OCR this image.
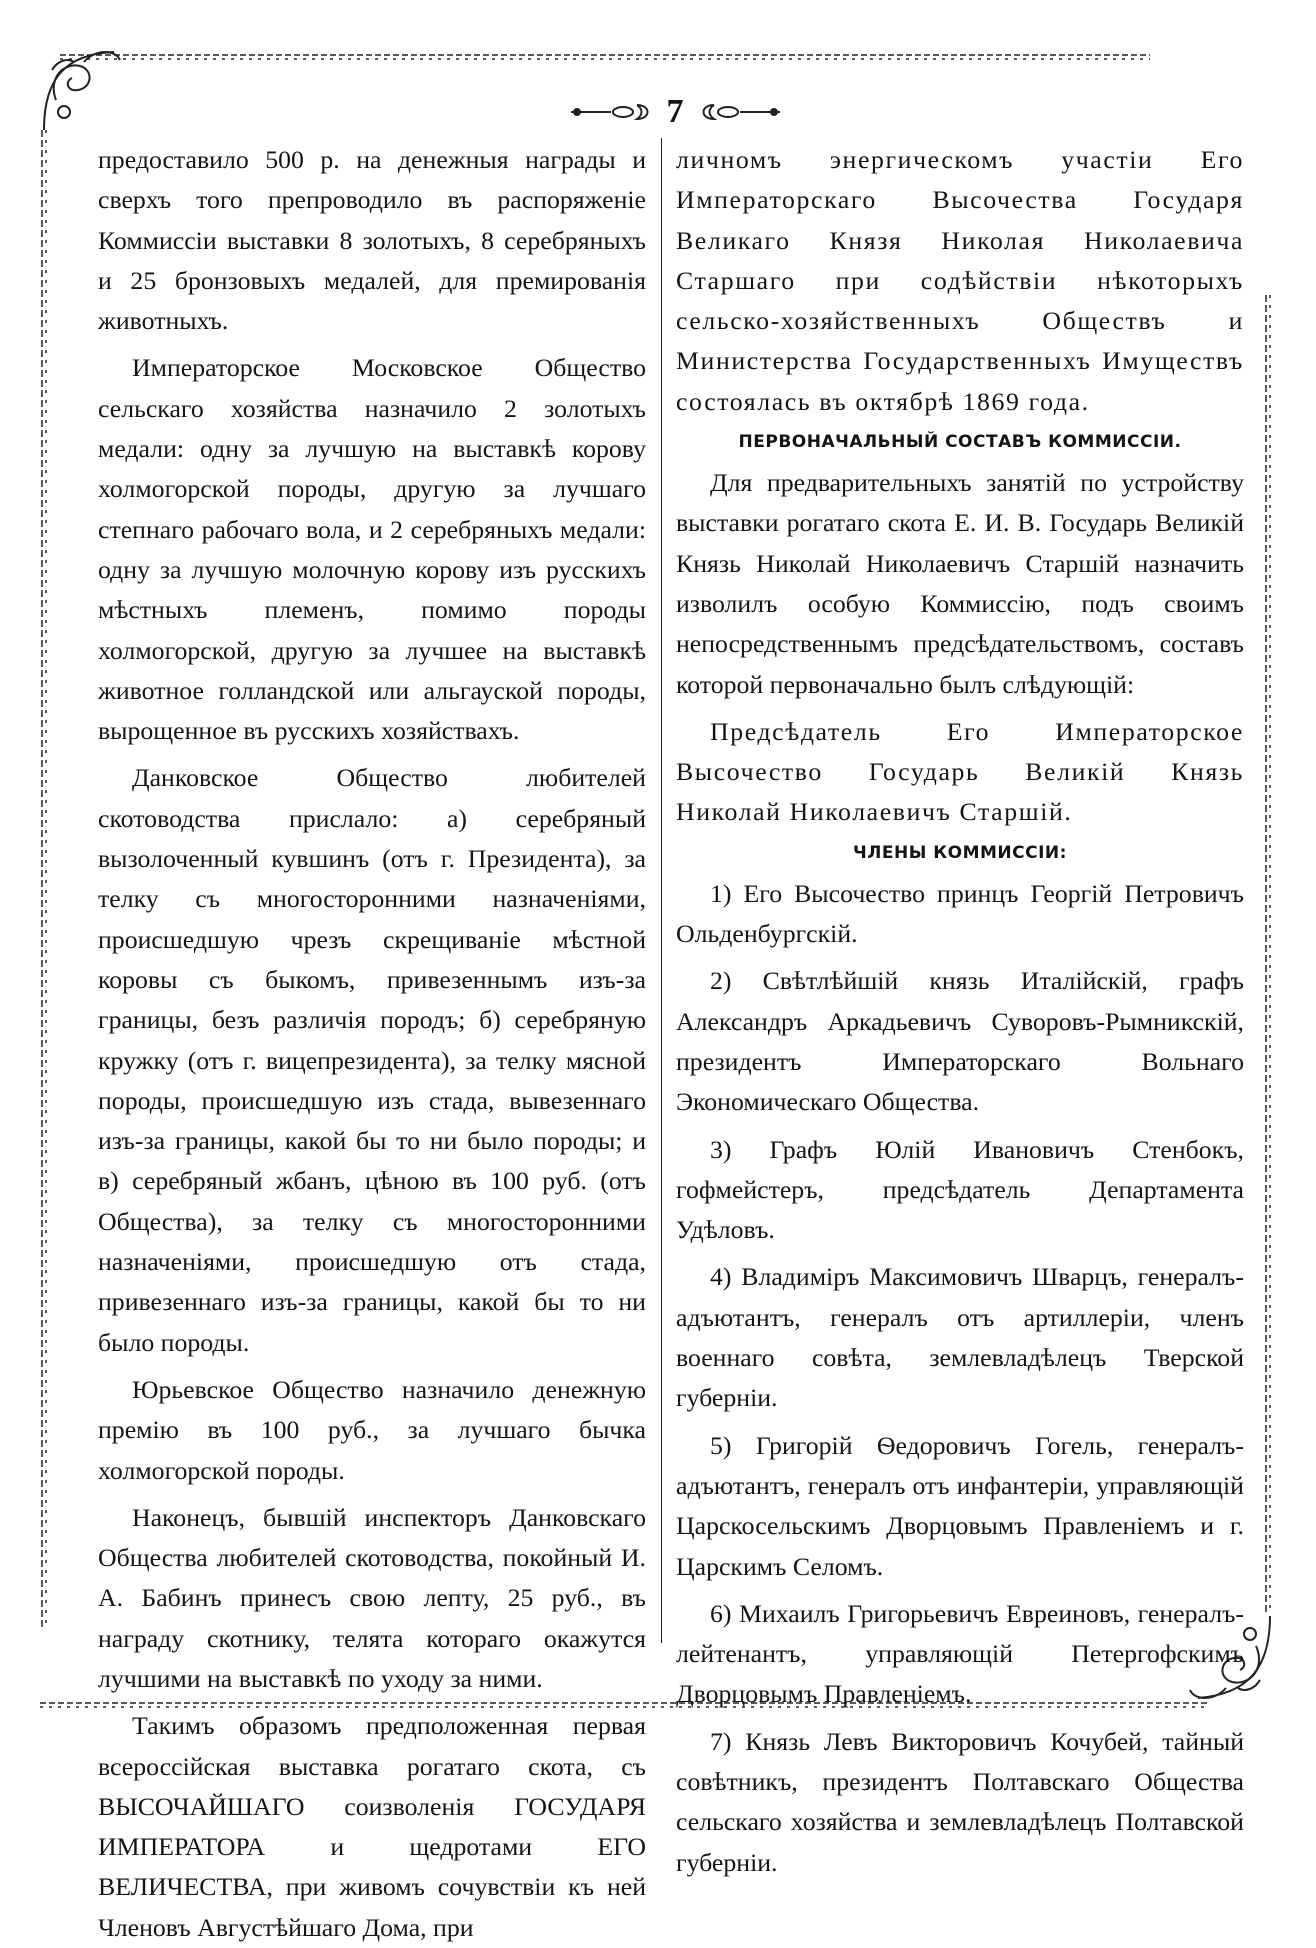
7

предоставило 500 р. на денежныя награды и сверхъ того препроводило въ распоряженіе Коммиссіи выставки 8 золотыхъ, 8 серебряныхъ и 25 бронзовыхъ медалей, для премированія животныхъ.

Императорское Московское Общество сельскаго хозяйства назначило 2 золотыхъ медали: одну за лучшую на выставкѣ корову холмогорской породы, другую за лучшаго степнаго рабочаго вола, и 2 серебряныхъ медали: одну за лучшую молочную корову изъ русскихъ мѣстныхъ племенъ, помимо породы холмогорской, другую за лучшее на выставкѣ животное голландской или альгауской породы, вырощенное въ русскихъ хозяйствахъ.

Данковское Общество любителей скотоводства прислало: а) серебряный вызолоченный кувшинъ (отъ г. Президента), за телку съ многосторонними назначеніями, происшедшую чрезъ скрещиваніе мѣстной коровы съ быкомъ, привезеннымъ изъ-за границы, безъ различія породъ; б) серебряную кружку (отъ г. вицепрезидента), за телку мясной породы, происшедшую изъ стада, вывезеннаго изъ-за границы, какой бы то ни было породы; и в) серебряный жбанъ, цѣною въ 100 руб. (отъ Общества), за телку съ многосторонними назначеніями, происшедшую отъ стада, привезеннаго изъ-за границы, какой бы то ни было породы.

Юрьевское Общество назначило денежную премію въ 100 руб., за лучшаго бычка холмогорской породы.

Наконецъ, бывшій инспекторъ Данковскаго Общества любителей скотоводства, покойный И. А. Бабинъ принесъ свою лепту, 25 руб., въ награду скотнику, телята котораго окажутся лучшими на выставкѣ по уходу за ними.

Такимъ образомъ предположенная первая всероссійская выставка рогатаго скота, съ ВЫСОЧАЙШАГО соизволенія ГОСУДАРЯ ИМПЕРАТОРА и щедротами ЕГО ВЕЛИЧЕСТВА, при живомъ сочувствіи къ ней Членовъ Августѣйшаго Дома, при

личномъ энергическомъ участіи Его Императорскаго Высочества Государя Великаго Князя Николая Николаевича Старшаго при содѣйствіи нѣкоторыхъ сельско-хозяйственныхъ Обществъ и Министерства Государственныхъ Имуществъ состоялась въ октябрѣ 1869 года.

ПЕРВОНАЧАЛЬНЫЙ СОСТАВЪ КОММИССІИ.

Для предварительныхъ занятій по устройству выставки рогатаго скота Е. И. В. Государь Великій Князь Николай Николаевичъ Старшій назначить изволилъ особую Коммиссію, подъ своимъ непосредственнымъ предсѣдательствомъ, составъ которой первоначально былъ слѣдующій:

Предсѣдатель Его Императорское Высочество Государь Великій Князь Николай Николаевичъ Старшій.

ЧЛЕНЫ КОММИССІИ:

1) Его Высочество принцъ Георгій Петровичъ Ольденбургскій.

2) Свѣтлѣйшій князь Италійскій, графъ Александръ Аркадьевичъ Суворовъ-Рымникскій, президентъ Императорскаго Вольнаго Экономическаго Общества.

3) Графъ Юлій Ивановичъ Стенбокъ, гофмейстеръ, предсѣдатель Департамента Удѣловъ.

4) Владиміръ Максимовичъ Шварцъ, генералъ-адъютантъ, генералъ отъ артиллеріи, членъ военнаго совѣта, землевладѣлецъ Тверской губерніи.

5) Григорій Ѳедоровичъ Гогель, генералъ-адъютантъ, генералъ отъ инфантеріи, управляющій Царскосельскимъ Дворцовымъ Правленіемъ и г. Царскимъ Селомъ.

6) Михаилъ Григорьевичъ Евреиновъ, генералъ-лейтенантъ, управляющій Петергофскимъ Дворцовымъ Правленіемъ.

7) Князь Левъ Викторовичъ Кочубей, тайный совѣтникъ, президентъ Полтавскаго Общества сельскаго хозяйства и землевладѣлецъ Полтавской губерніи.
